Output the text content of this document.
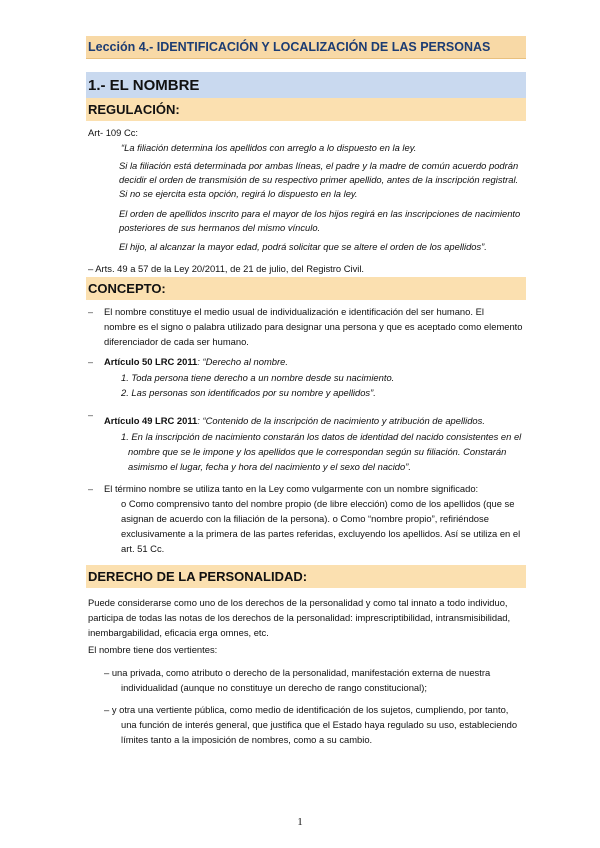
Lección 4.- IDENTIFICACIÓN Y LOCALIZACIÓN DE LAS PERSONAS
1.- EL NOMBRE
REGULACIÓN:
Art- 109 Cc:
“La filiación determina los apellidos con arreglo a lo dispuesto en la ley.
Si la filiación está determinada por ambas líneas, el padre y la madre de común acuerdo podrán
decidir el orden de transmisión de su respectivo primer apellido, antes de la inscripción registral.
Si no se ejercita esta opción, regirá lo dispuesto en la ley.
El orden de apellidos inscrito para el mayor de los hijos regirá en las inscripciones de nacimiento
posteriores de sus hermanos del mismo vínculo.
El hijo, al alcanzar la mayor edad, podrá solicitar que se altere el orden de los apellidos”.
– Arts. 49 a 57 de la Ley 20/2011, de 21 de julio, del Registro Civil.
CONCEPTO:
– El nombre constituye el medio usual de individualización e identificación del ser humano. El
nombre es el signo o palabra utilizado para designar una persona y que es aceptado como elemento
diferenciador de cada ser humano.
– Artículo 50 LRC 2011: “Derecho al nombre.
1. Toda persona tiene derecho a un nombre desde su nacimiento.
2. Las personas son identificados por su nombre y apellidos”.
– Artículo 49 LRC 2011: “Contenido de la inscripción de nacimiento y atribución de apellidos.
1. En la inscripción de nacimiento constarán los datos de identidad del nacido consistentes en el
nombre que se le impone y los apellidos que le correspondan según su filiación. Constarán
asimismo el lugar, fecha y hora del nacimiento y el sexo del nacido”.
– El término nombre se utiliza tanto en la Ley como vulgarmente con un nombre significado:
o Como comprensivo tanto del nombre propio (de libre elección) como de los apellidos (que se
asignan de acuerdo con la filiación de la persona). o Como “nombre propio”, refiriéndose
exclusivamente a la primera de las partes referidas, excluyendo los apellidos. Así se utiliza en el
art. 51 Cc.
DERECHO DE LA PERSONALIDAD:
Puede considerarse como uno de los derechos de la personalidad y como tal innato a todo individuo,
participa de todas las notas de los derechos de la personalidad: imprescriptibilidad, intransmisibilidad,
inembargabilidad, eficacia erga omnes, etc.
El nombre tiene dos vertientes:
– una privada, como atributo o derecho de la personalidad, manifestación externa de nuestra
individualidad (aunque no constituye un derecho de rango constitucional);
– y otra una vertiente pública, como medio de identificación de los sujetos, cumpliendo, por tanto,
una función de interés general, que justifica que el Estado haya regulado su uso, estableciendo
límites tanto a la imposición de nombres, como a su cambio.
1
